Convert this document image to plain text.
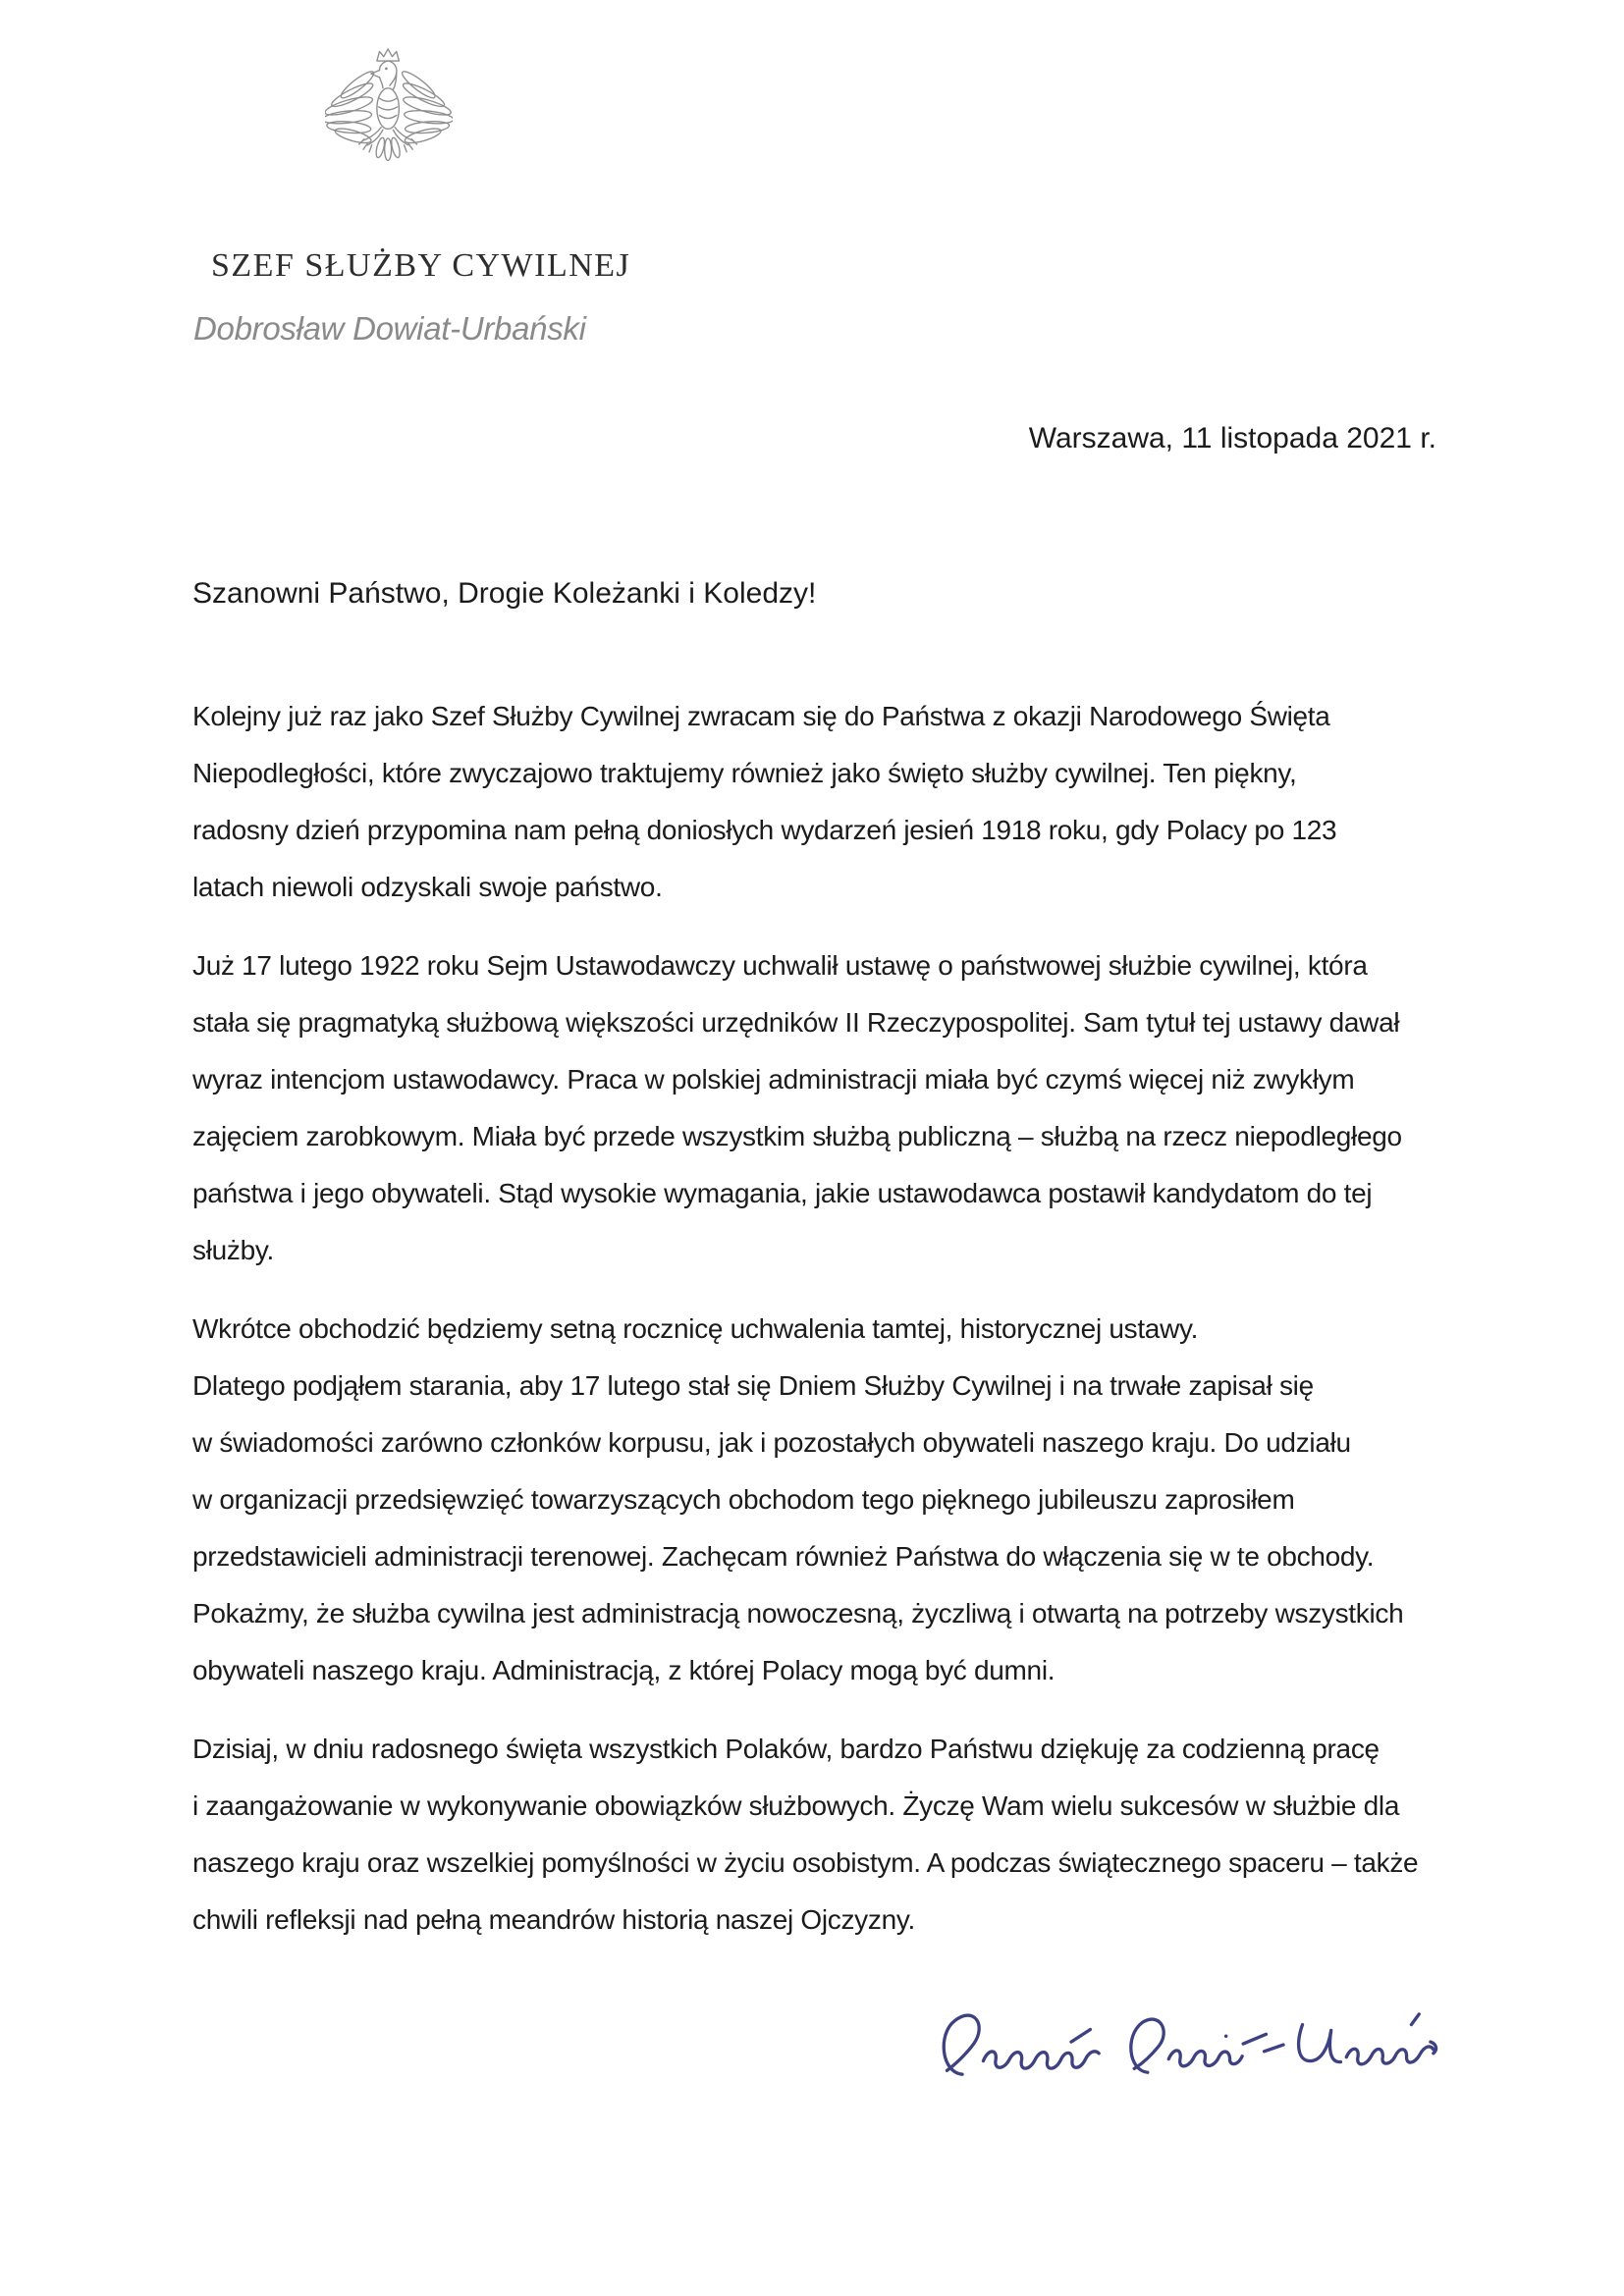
SZEF SŁUŻBY CYWILNEJ
Dobrosław Dowiat-Urbański
Warszawa, 11 listopada 2021 r.
Szanowni Państwo, Drogie Koleżanki i Koledzy!
Kolejny już raz jako Szef Służby Cywilnej zwracam się do Państwa z okazji Narodowego Święta
Niepodległości, które zwyczajowo traktujemy również jako święto służby cywilnej. Ten piękny,
radosny dzień przypomina nam pełną doniosłych wydarzeń jesień 1918 roku, gdy Polacy po 123
latach niewoli odzyskali swoje państwo.
Już 17 lutego 1922 roku Sejm Ustawodawczy uchwalił ustawę o państwowej służbie cywilnej, która
stała się pragmatyką służbową większości urzędników II Rzeczypospolitej. Sam tytuł tej ustawy dawał
wyraz intencjom ustawodawcy. Praca w polskiej administracji miała być czymś więcej niż zwykłym
zajęciem zarobkowym. Miała być przede wszystkim służbą publiczną – służbą na rzecz niepodległego
państwa i jego obywateli. Stąd wysokie wymagania, jakie ustawodawca postawił kandydatom do tej
służby.
Wkrótce obchodzić będziemy setną rocznicę uchwalenia tamtej, historycznej ustawy.
Dlatego podjąłem starania, aby 17 lutego stał się Dniem Służby Cywilnej i na trwałe zapisał się
w świadomości zarówno członków korpusu, jak i pozostałych obywateli naszego kraju. Do udziału
w organizacji przedsięwzięć towarzyszących obchodom tego pięknego jubileuszu zaprosiłem
przedstawicieli administracji terenowej. Zachęcam również Państwa do włączenia się w te obchody.
Pokażmy, że służba cywilna jest administracją nowoczesną, życzliwą i otwartą na potrzeby wszystkich
obywateli naszego kraju. Administracją, z której Polacy mogą być dumni.
Dzisiaj, w dniu radosnego święta wszystkich Polaków, bardzo Państwu dziękuję za codzienną pracę
i zaangażowanie w wykonywanie obowiązków służbowych. Życzę Wam wielu sukcesów w służbie dla
naszego kraju oraz wszelkiej pomyślności w życiu osobistym. A podczas świątecznego spaceru – także
chwili refleksji nad pełną meandrów historią naszej Ojczyzny.
